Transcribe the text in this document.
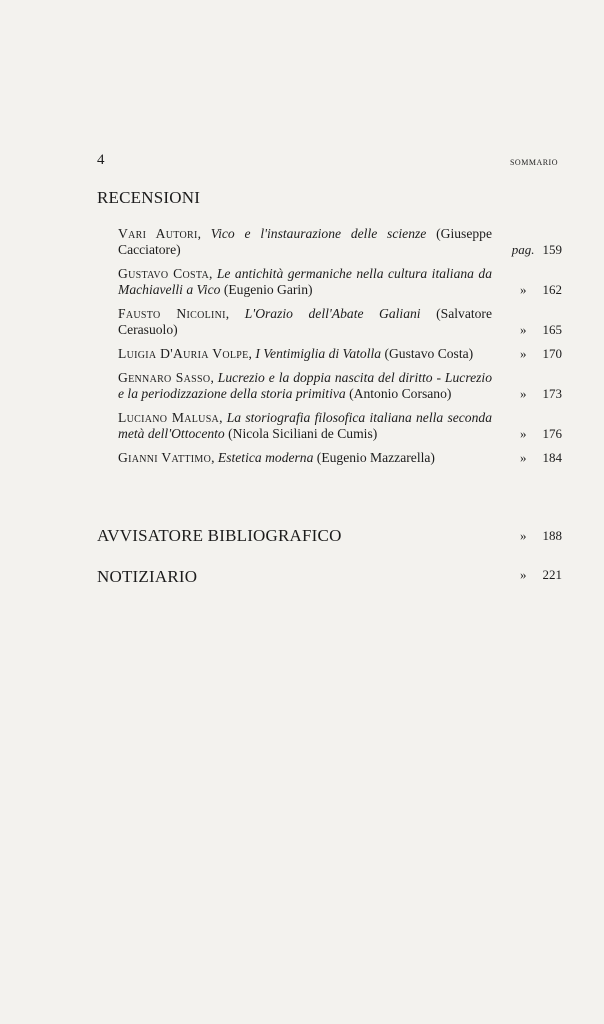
4	SOMMARIO
RECENSIONI
Vari Autori, Vico e l'instaurazione delle scienze (Giuseppe Cacciatore)	pag. 159
Gustavo Costa, Le antichità germaniche nella cultura italiana da Machiavelli a Vico (Eugenio Garin)	» 162
Fausto Nicolini, L'Orazio dell'Abate Galiani (Salvatore Cerasuolo)	» 165
Luigia D'Auria Volpe, I Ventimiglia di Vatolla (Gustavo Costa)	» 170
Gennaro Sasso, Lucrezio e la doppia nascita del diritto - Lucrezio e la periodizzazione della storia primitiva (Antonio Corsano)	» 173
Luciano Malusa, La storiografia filosofica italiana nella seconda metà dell'Ottocento (Nicola Siciliani de Cumis)	» 176
Gianni Vattimo, Estetica moderna (Eugenio Mazzarella)	» 184
AVVISATORE BIBLIOGRAFICO	» 188
NOTIZIARIO	» 221
